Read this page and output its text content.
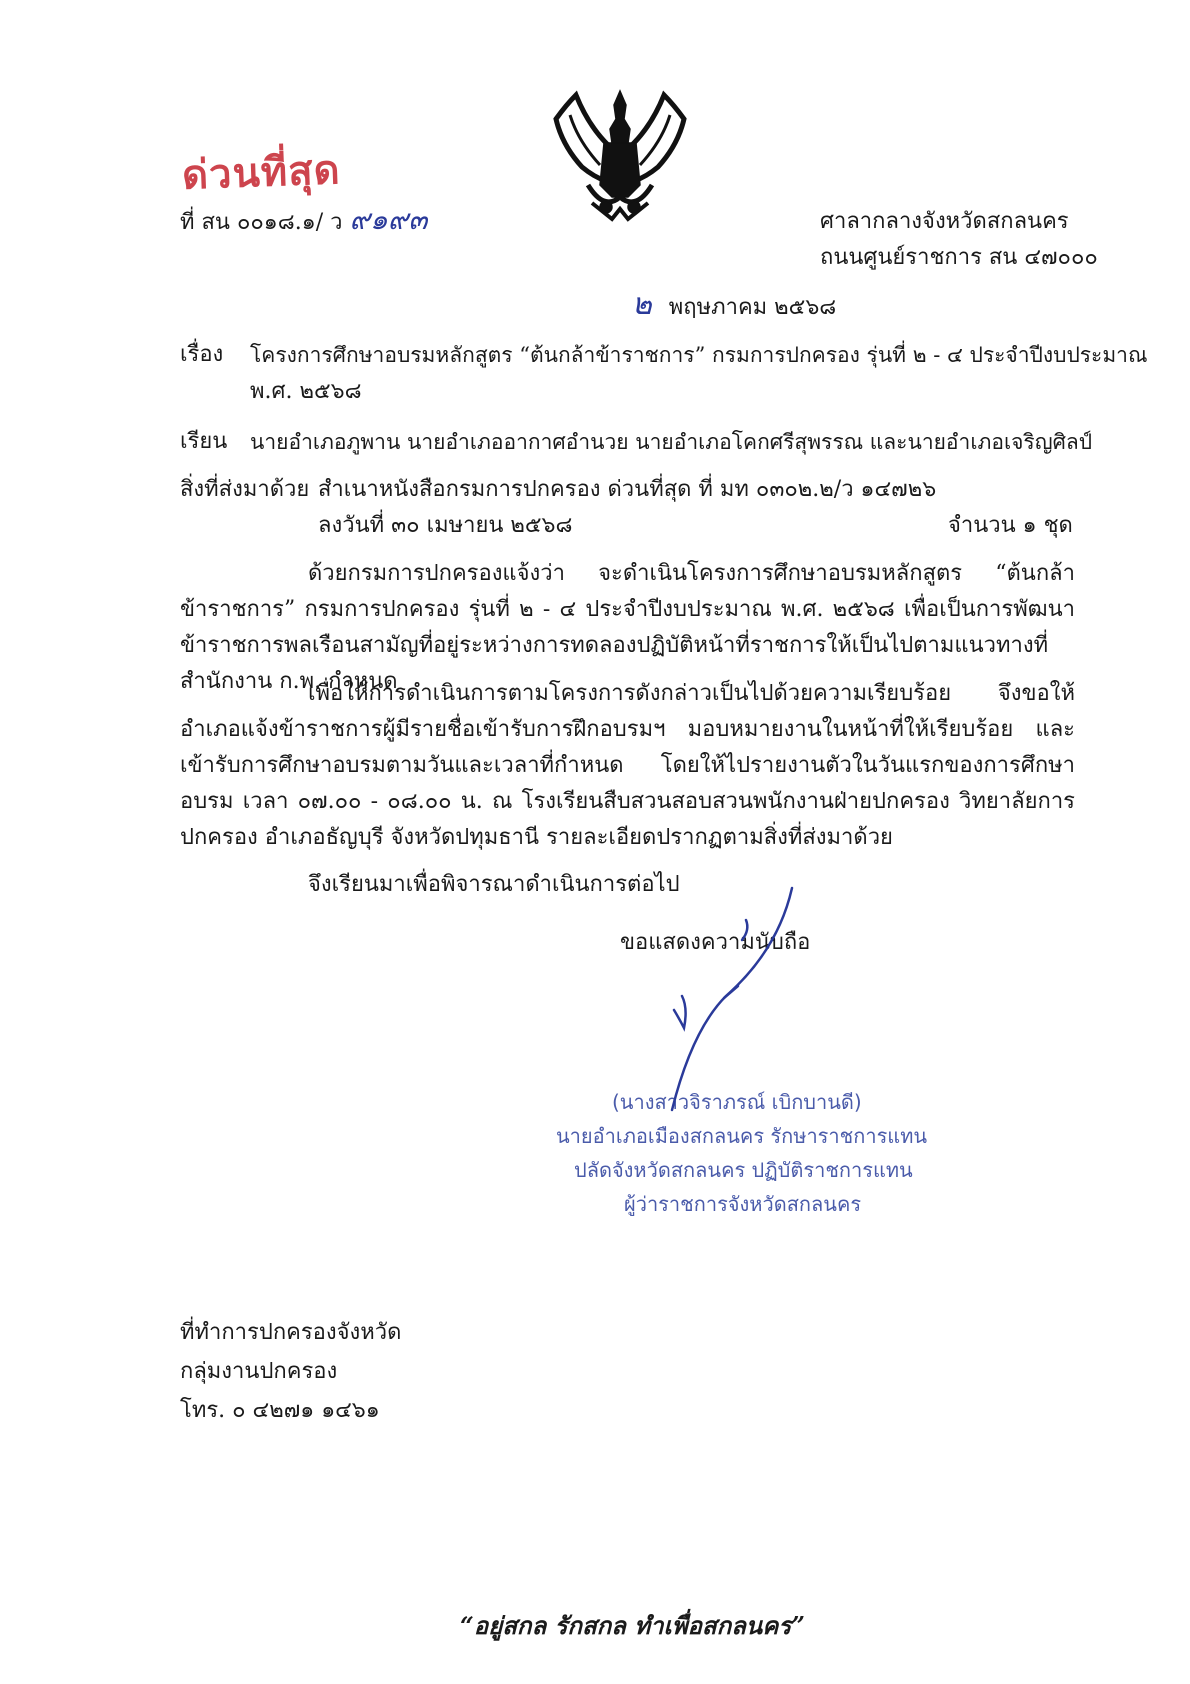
ด่วนที่สุด
ที่ สน ๐๐๑๘.๑/ ว ๙๑๙๓	ศาลากลางจังหวัดสกลนคร
ถนนศูนย์ราชการ สน ๔๗๐๐๐
๒ พฤษภาคม ๒๕๖๘
เรื่อง โครงการศึกษาอบรมหลักสูตร “ต้นกล้าข้าราชการ” กรมการปกครอง รุ่นที่ ๒ - ๔ ประจำปีงบประมาณ
พ.ศ. ๒๕๖๘
เรียน นายอำเภอภูพาน นายอำเภออากาศอำนวย นายอำเภอโคกศรีสุพรรณ และนายอำเภอเจริญศิลป์
สิ่งที่ส่งมาด้วย สำเนาหนังสือกรมการปกครอง ด่วนที่สุด ที่ มท ๐๓๐๒.๒/ว ๑๔๗๒๖
ลงวันที่ ๓๐ เมษายน ๒๕๖๘	จำนวน ๑ ชุด
ด้วยกรมการปกครองแจ้งว่า จะดำเนินโครงการศึกษาอบรมหลักสูตร “ต้นกล้าข้าราชการ” กรมการปกครอง รุ่นที่ ๒ - ๔ ประจำปีงบประมาณ พ.ศ. ๒๕๖๘ เพื่อเป็นการพัฒนาข้าราชการพลเรือนสามัญที่อยู่ระหว่างการทดลองปฏิบัติหน้าที่ราชการให้เป็นไปตามแนวทางที่สำนักงาน ก.พ. กำหนด
เพื่อให้การดำเนินการตามโครงการดังกล่าวเป็นไปด้วยความเรียบร้อย จึงขอให้อำเภอแจ้งข้าราชการผู้มีรายชื่อเข้ารับการฝึกอบรมฯ มอบหมายงานในหน้าที่ให้เรียบร้อย และเข้ารับการศึกษาอบรมตามวันและเวลาที่กำหนด โดยให้ไปรายงานตัวในวันแรกของการศึกษาอบรม เวลา ๐๗.๐๐ - ๐๘.๐๐ น. ณ โรงเรียนสืบสวนสอบสวนพนักงานฝ่ายปกครอง วิทยาลัยการปกครอง อำเภอธัญบุรี จังหวัดปทุมธานี รายละเอียดปรากฏตามสิ่งที่ส่งมาด้วย
จึงเรียนมาเพื่อพิจารณาดำเนินการต่อไป
ขอแสดงความนับถือ
(นางสาวจิราภรณ์ เบิกบานดี)
นายอำเภอเมืองสกลนคร รักษาราชการแทน
ปลัดจังหวัดสกลนคร ปฏิบัติราชการแทน
ผู้ว่าราชการจังหวัดสกลนคร
ที่ทำการปกครองจังหวัด
กลุ่มงานปกครอง
โทร. ๐ ๔๒๗๑ ๑๔๖๑
“อยู่สกล รักสกล ทำเพื่อสกลนคร”
